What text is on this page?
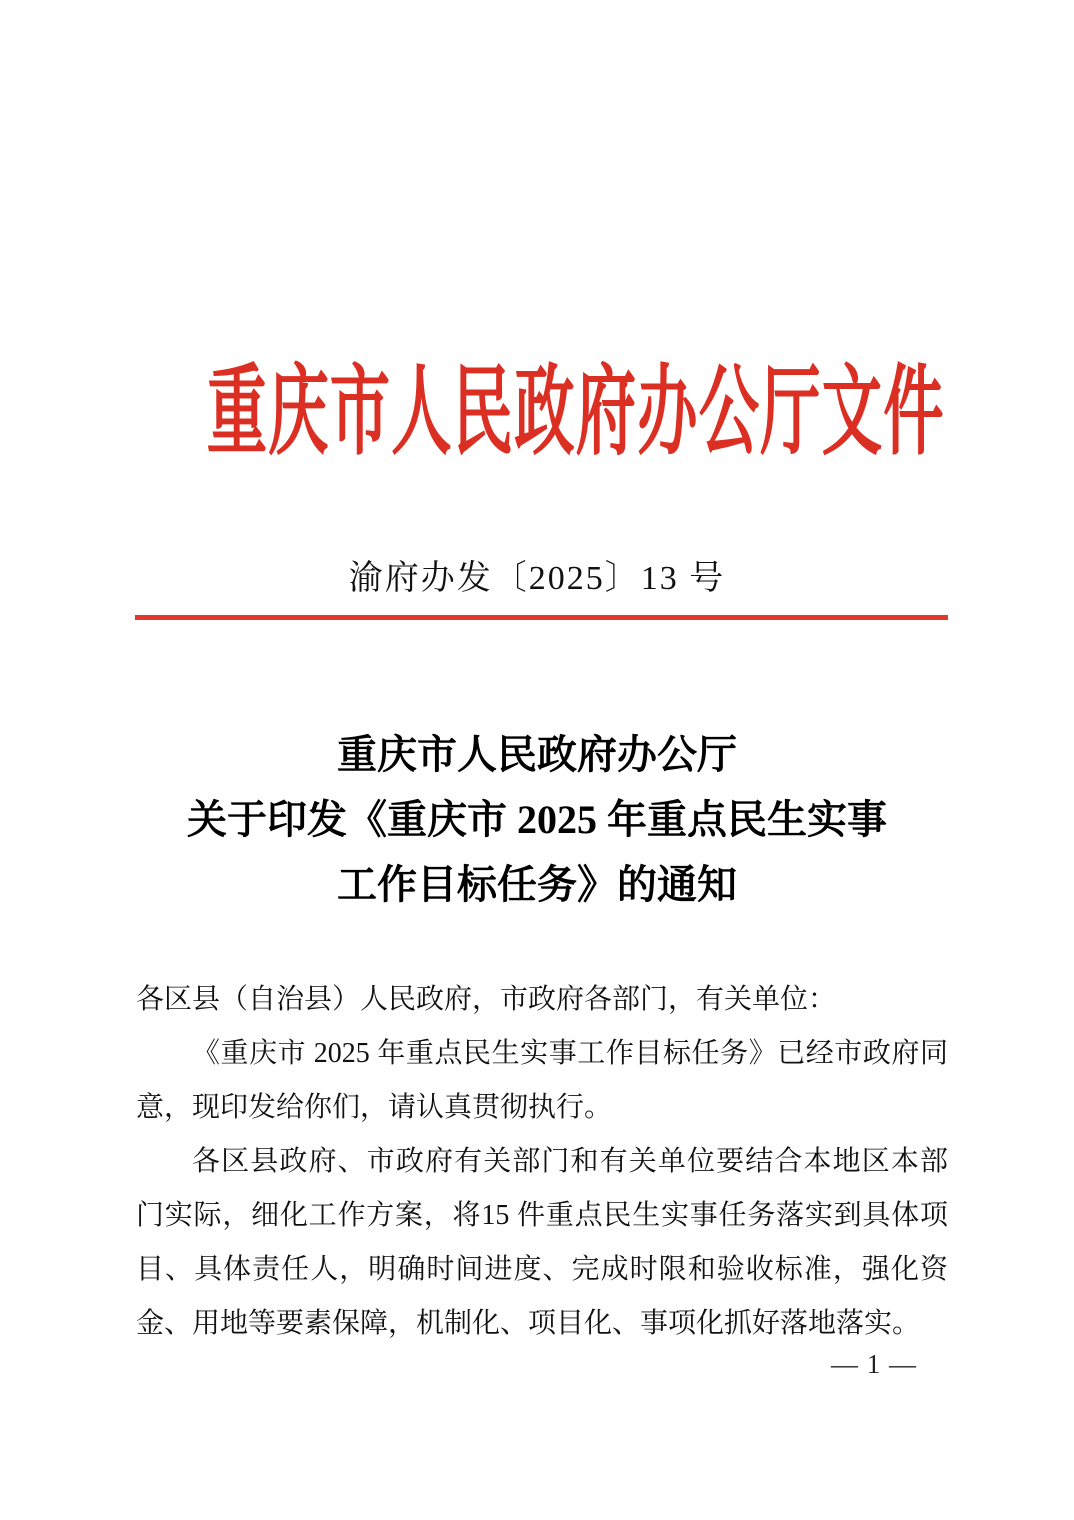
重庆市人民政府办公厅文件
渝府办发〔2025〕13 号
重庆市人民政府办公厅
关于印发《重庆市 2025 年重点民生实事
工作目标任务》的通知
各区县（自治县）人民政府，市政府各部门，有关单位：
《重庆市 2025 年重点民生实事工作目标任务》已经市政府同
意，现印发给你们，请认真贯彻执行。
各区县政府、市政府有关部门和有关单位要结合本地区本部
门实际，细化工作方案，将15 件重点民生实事任务落实到具体项
目、具体责任人，明确时间进度、完成时限和验收标准，强化资
金、用地等要素保障，机制化、项目化、事项化抓好落地落实。
— 1 —
